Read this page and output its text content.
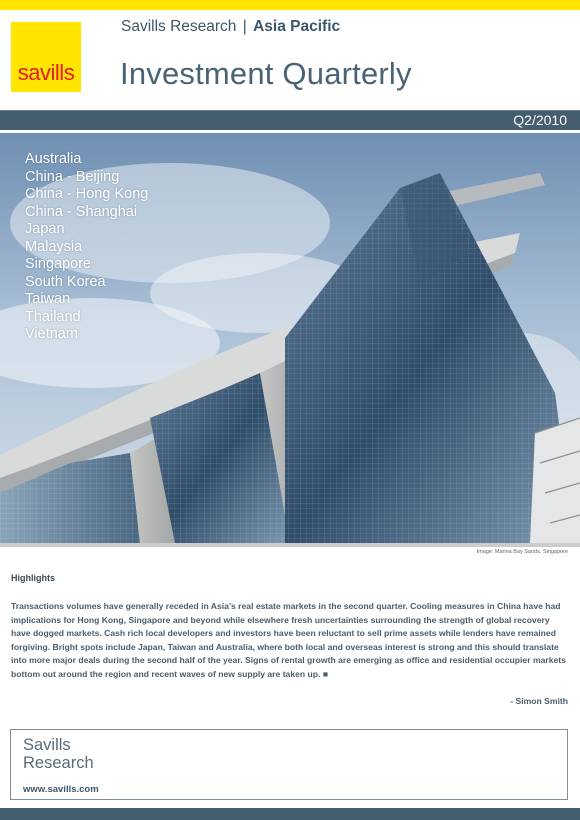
savills
Savills Research | Asia Pacific
Investment Quarterly
Q2/2010
Australia
China - Beijing
China - Hong Kong
China - Shanghai
Japan
Malaysia
Singapore
South Korea
Taiwan
Thailand
Vietnam
Image: Marina Bay Sands, Singapore
Highlights

Transactions volumes have generally receded in Asia's real estate markets in the second quarter. Cooling measures in China have had implications for Hong Kong, Singapore and beyond while elsewhere fresh uncertainties surrounding the strength of global recovery have dogged markets. Cash rich local developers and investors have been reluctant to sell prime assets while lenders have remained forgiving. Bright spots include Japan, Taiwan and Australia, where both local and overseas interest is strong and this should translate into more major deals during the second half of the year. Signs of rental growth are emerging as office and residential occupier markets bottom out around the region and recent waves of new supply are taken up. ■

- Simon Smith
Savills
Research
www.savills.com
